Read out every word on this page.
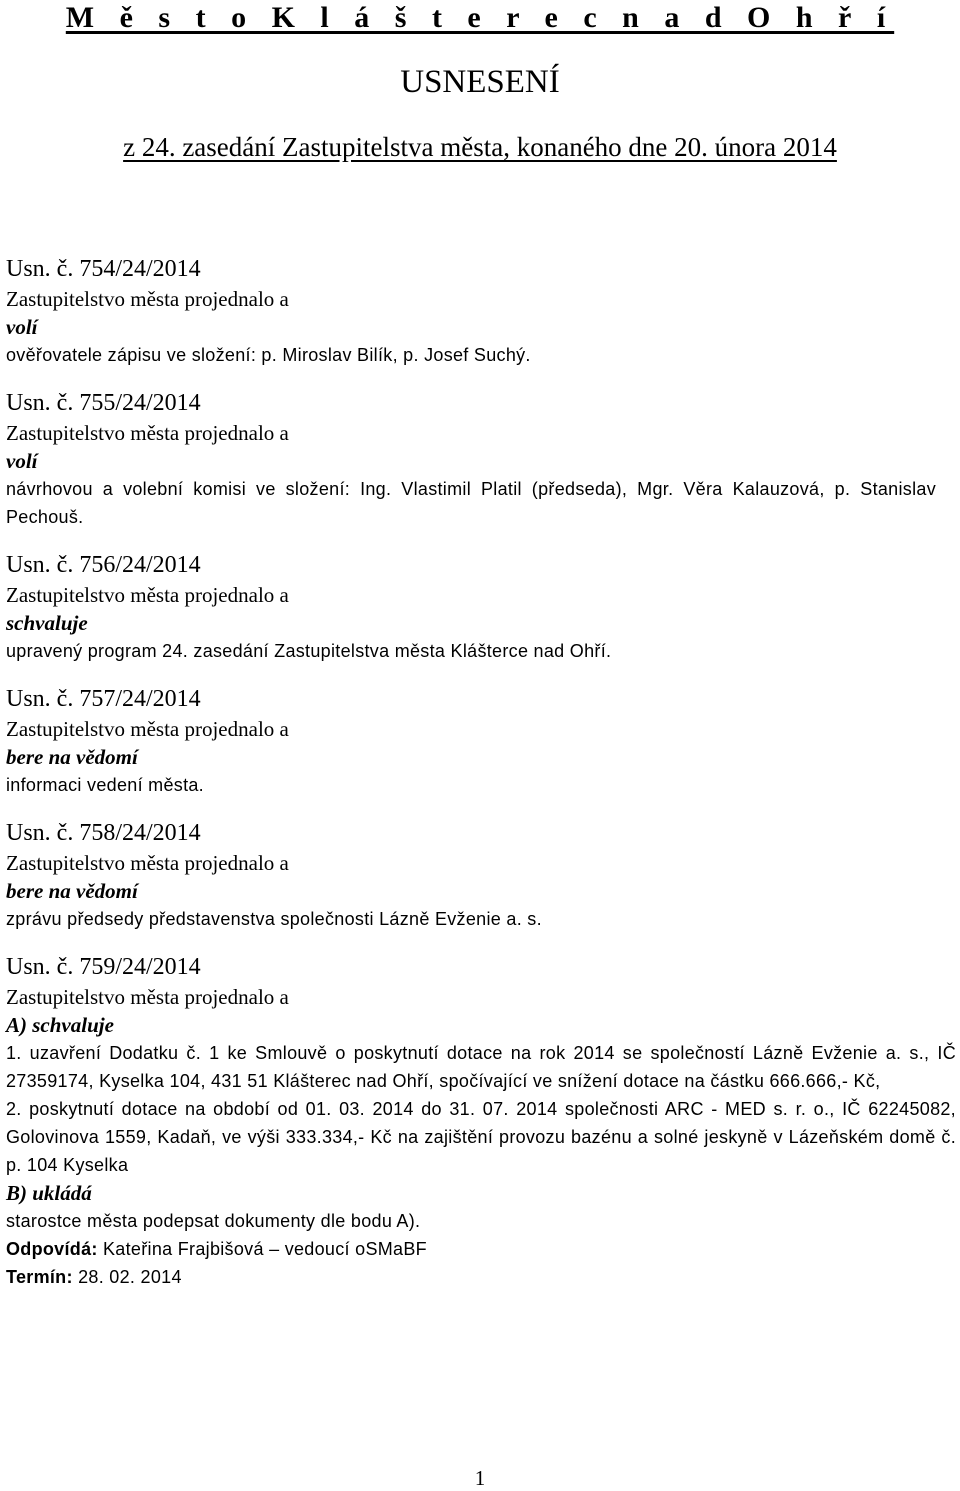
M ě s t o K l á š t e r e c n a d O h ř í
USNESENÍ
z 24. zasedání Zastupitelstva města, konaného dne 20. února 2014
Usn. č. 754/24/2014
Zastupitelstvo města projednalo a
volí
ověřovatele zápisu ve složení: p. Miroslav Bilík, p. Josef Suchý.
Usn. č. 755/24/2014
Zastupitelstvo města projednalo a
volí
návrhovou a volební komisi ve složení: Ing. Vlastimil Platil (předseda), Mgr. Věra Kalauzová, p. Stanislav Pechouš.
Usn. č. 756/24/2014
Zastupitelstvo města projednalo a
schvaluje
upravený program 24. zasedání Zastupitelstva města Klášterce nad Ohří.
Usn. č. 757/24/2014
Zastupitelstvo města projednalo a
bere na vědomí
informaci vedení města.
Usn. č. 758/24/2014
Zastupitelstvo města projednalo a
bere na vědomí
zprávu předsedy představenstva společnosti Lázně Evženie a. s.
Usn. č. 759/24/2014
Zastupitelstvo města projednalo a
A) schvaluje
1. uzavření Dodatku č. 1 ke Smlouvě o poskytnutí dotace na rok 2014 se společností Lázně Evženie a. s., IČ 27359174, Kyselka 104, 431 51 Klášterec nad Ohří, spočívající ve snížení dotace na částku 666.666,- Kč,
2. poskytnutí dotace na období od 01. 03. 2014 do 31. 07. 2014 společnosti ARC - MED s. r. o., IČ 62245082, Golovinova 1559, Kadaň, ve výši 333.334,- Kč na zajištění provozu bazénu a solné jeskyně v Lázeňském domě č. p. 104 Kyselka
B) ukládá
starostce města podepsat dokumenty dle bodu A).
Odpovídá: Kateřina Frajbišová – vedoucí oSMaBF
Termín: 28. 02. 2014
1
